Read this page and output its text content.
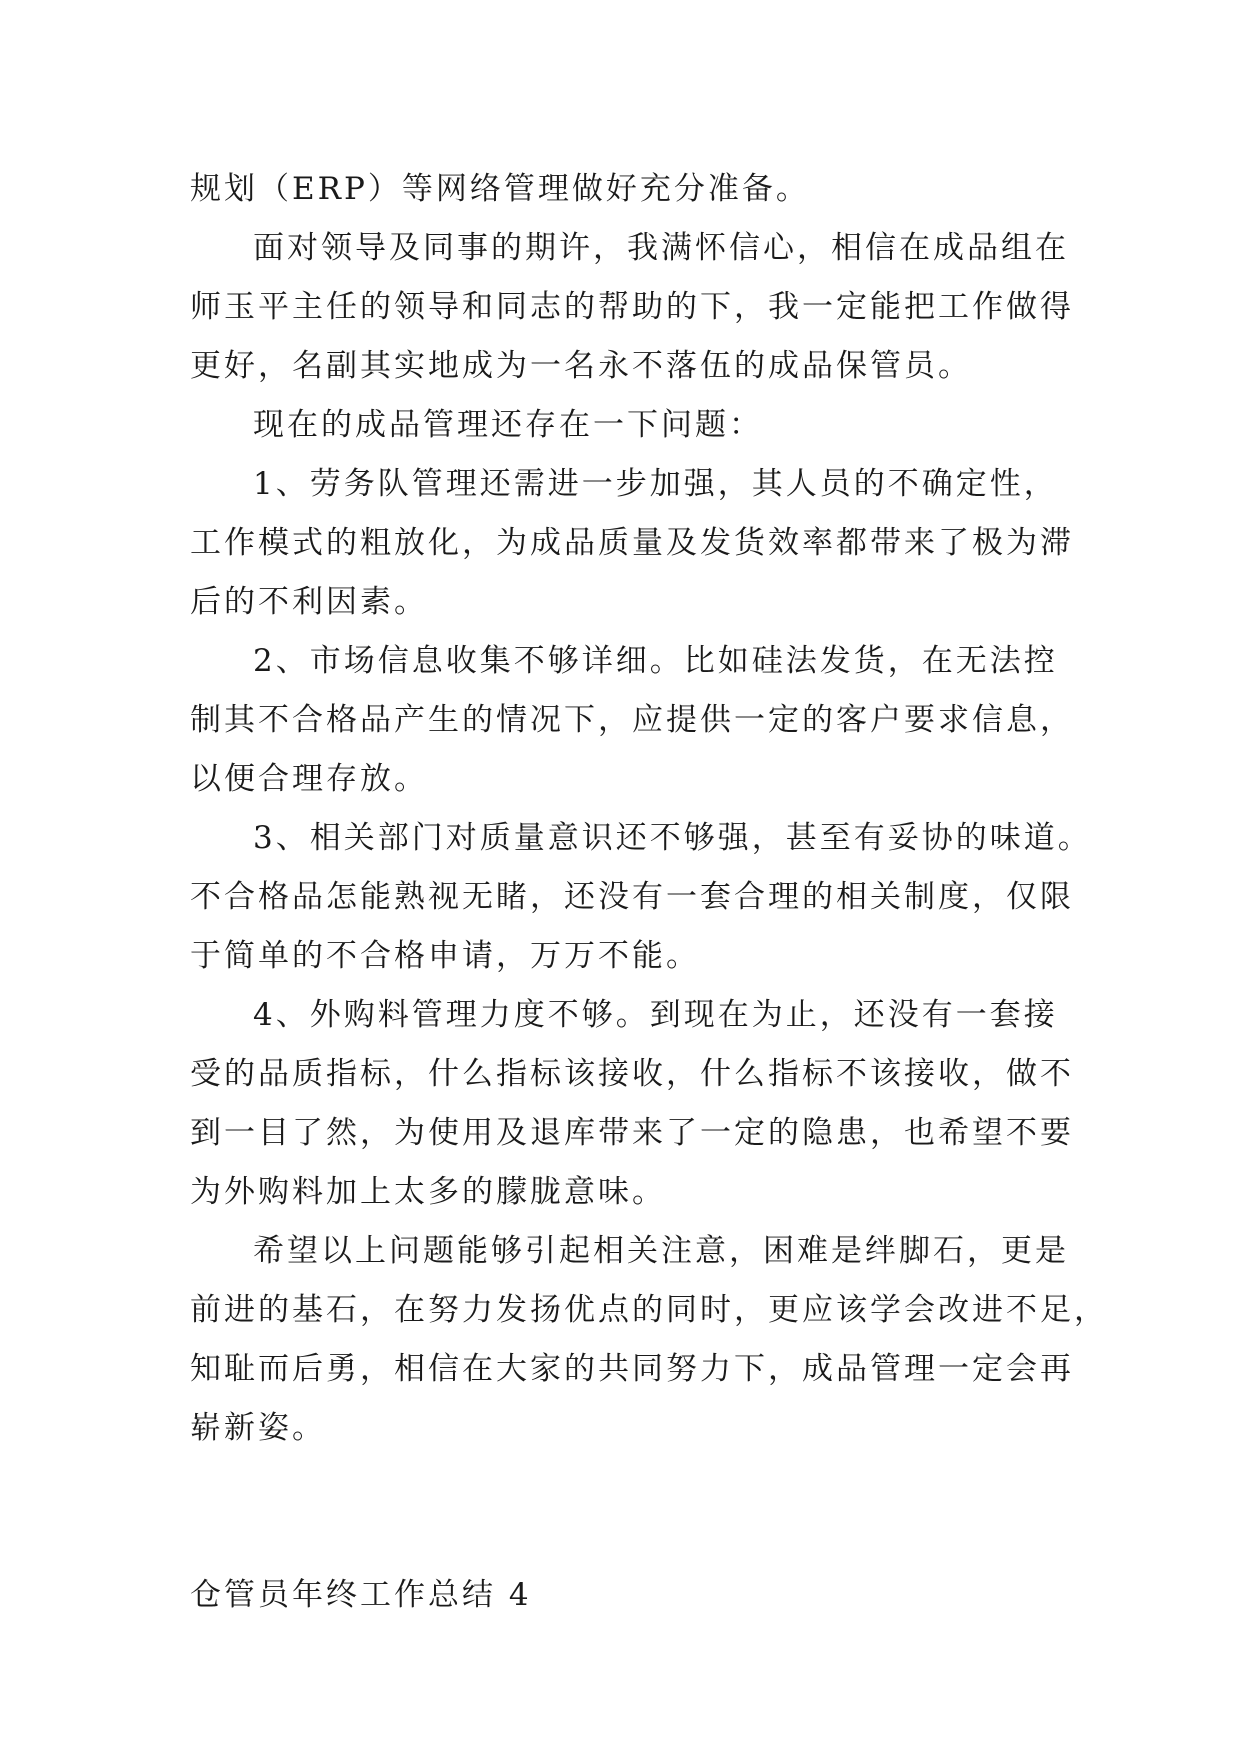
规划（ERP）等网络管理做好充分准备。

面对领导及同事的期许，我满怀信心，相信在成品组在

师玉平主任的领导和同志的帮助的下，我一定能把工作做得

更好，名副其实地成为一名永不落伍的成品保管员。

现在的成品管理还存在一下问题：

1、劳务队管理还需进一步加强，其人员的不确定性，

工作模式的粗放化，为成品质量及发货效率都带来了极为滞

后的不利因素。

2、市场信息收集不够详细。比如硅法发货，在无法控

制其不合格品产生的情况下，应提供一定的客户要求信息，

以便合理存放。

3、相关部门对质量意识还不够强，甚至有妥协的味道。

不合格品怎能熟视无睹，还没有一套合理的相关制度，仅限

于简单的不合格申请，万万不能。

4、外购料管理力度不够。到现在为止，还没有一套接

受的品质指标，什么指标该接收，什么指标不该接收，做不

到一目了然，为使用及退库带来了一定的隐患，也希望不要

为外购料加上太多的朦胧意味。

希望以上问题能够引起相关注意，困难是绊脚石，更是

前进的基石，在努力发扬优点的同时，更应该学会改进不足，

知耻而后勇，相信在大家的共同努力下，成品管理一定会再

崭新姿。

仓管员年终工作总结 4
